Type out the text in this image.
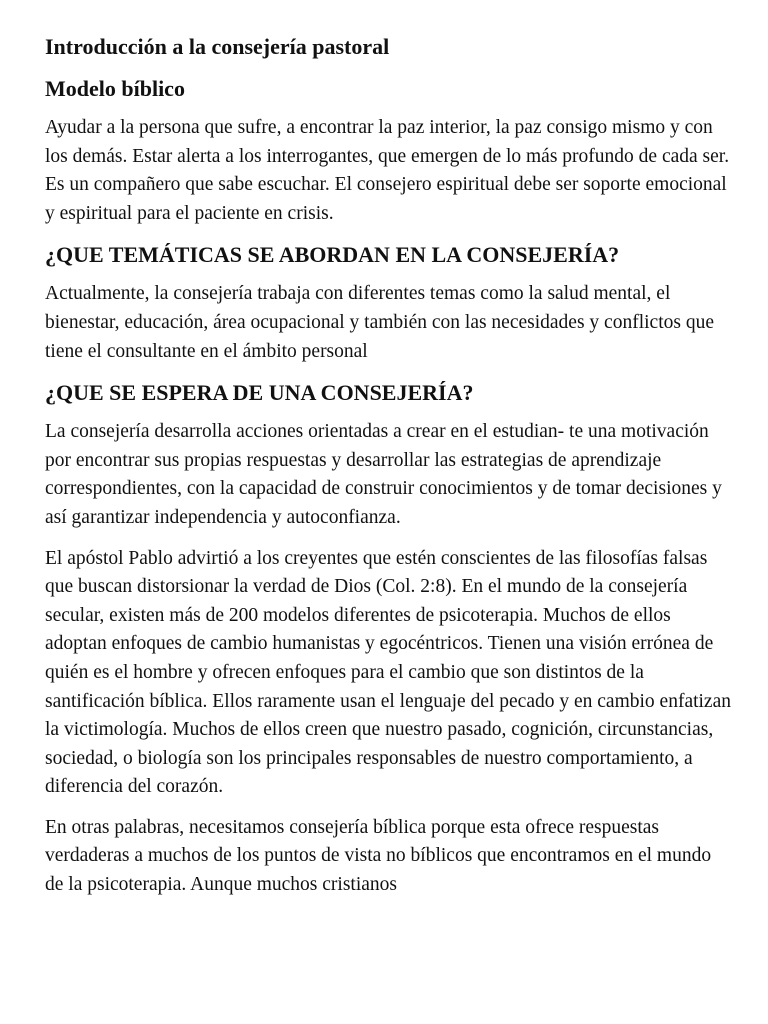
Introducción a la consejería pastoral
Modelo bíblico

Ayudar a la persona que sufre, a encontrar la paz interior, la paz consigo mismo y con los demás. Estar alerta a los interrogantes, que emergen de lo más profundo de cada ser. Es un compañero que sabe escuchar. El consejero espiritual debe ser soporte emocional y espiritual para el paciente en crisis.

¿QUE TEMÁTICAS SE ABORDAN EN LA CONSEJERÍA?

Actualmente, la consejería trabaja con diferentes temas como la salud mental, el bienestar, educación, área ocupacional y también con las necesidades y conflictos que tiene el consultante en el ámbito personal

¿QUE SE ESPERA DE UNA CONSEJERÍA?

La consejería desarrolla acciones orientadas a crear en el estudian- te una motivación por encontrar sus propias respuestas y desarrollar las estrategias de aprendizaje correspondientes, con la capacidad de construir conocimientos y de tomar decisiones y así garantizar independencia y autoconfianza.

El apóstol Pablo advirtió a los creyentes que estén conscientes de las filosofías falsas que buscan distorsionar la verdad de Dios (Col. 2:8). En el mundo de la consejería secular, existen más de 200 modelos diferentes de psicoterapia. Muchos de ellos adoptan enfoques de cambio humanistas y egocéntricos. Tienen una visión errónea de quién es el hombre y ofrecen enfoques para el cambio que son distintos de la santificación bíblica. Ellos raramente usan el lenguaje del pecado y en cambio enfatizan la victimología. Muchos de ellos creen que nuestro pasado, cognición, circunstancias, sociedad, o biología son los principales responsables de nuestro comportamiento, a diferencia del corazón.

En otras palabras, necesitamos consejería bíblica porque esta ofrece respuestas verdaderas a muchos de los puntos de vista no bíblicos que encontramos en el mundo de la psicoterapia. Aunque muchos cristianos
